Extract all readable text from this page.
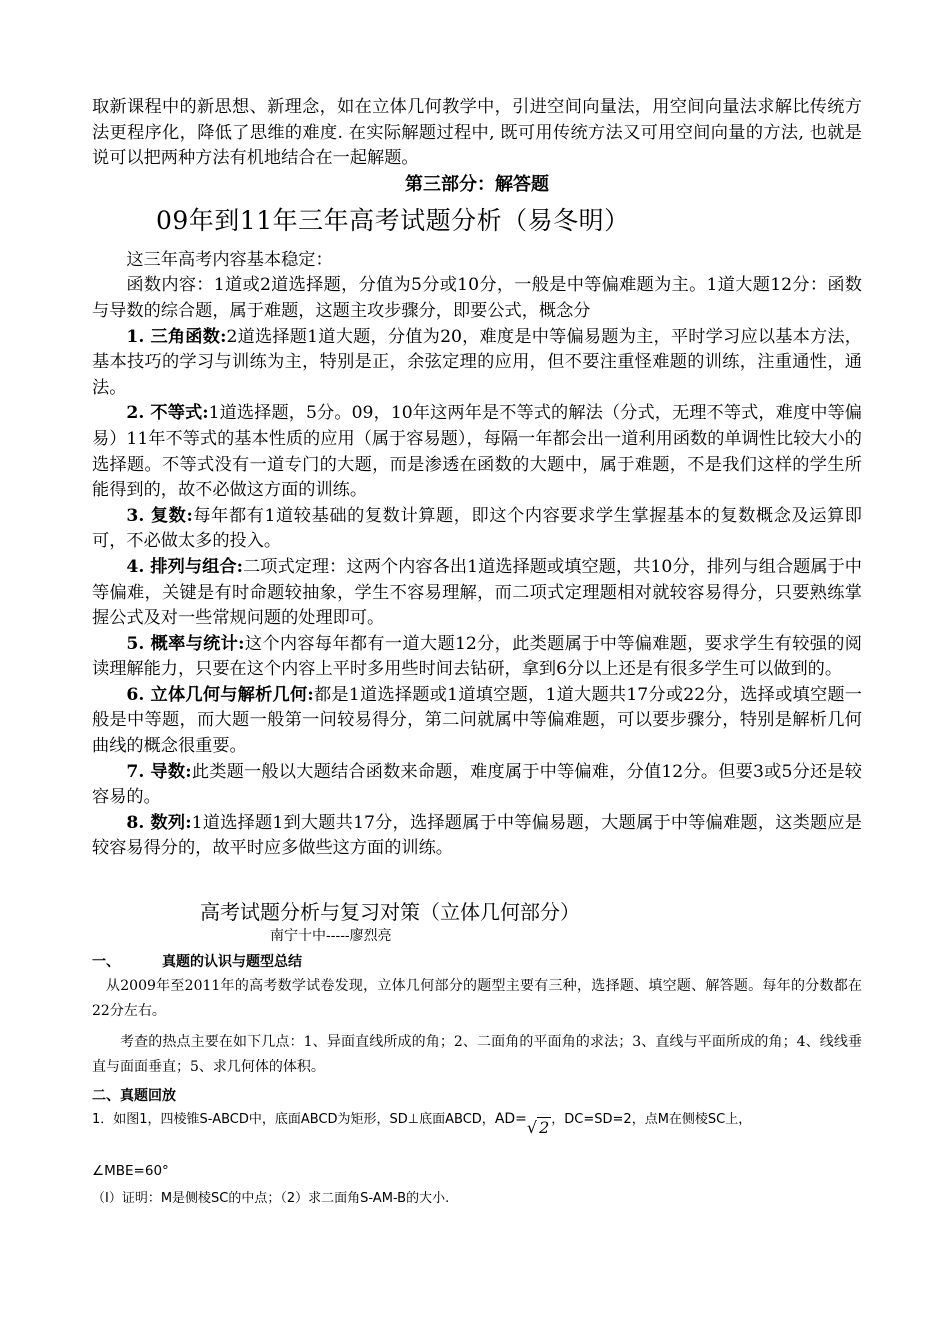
取新课程中的新思想、新理念，如在立体几何教学中，引进空间向量法，用空间向量法求解比传统方法更程序化，降低了思维的难度. 在实际解题过程中, 既可用传统方法又可用空间向量的方法, 也就是说可以把两种方法有机地结合在一起解题。

第三部分：解答题

09年到11年三年高考试题分析（易冬明）

这三年高考内容基本稳定：

函数内容：1道或2道选择题，分值为5分或10分，一般是中等偏难题为主。1道大题12分：函数与导数的综合题，属于难题，这题主攻步骤分，即要公式，概念分

1. 三角函数:2道选择题1道大题，分值为20，难度是中等偏易题为主，平时学习应以基本方法，基本技巧的学习与训练为主，特别是正，余弦定理的应用，但不要注重怪难题的训练，注重通性，通法。

2. 不等式:1道选择题，5分。09，10年这两年是不等式的解法（分式，无理不等式，难度中等偏易）11年不等式的基本性质的应用（属于容易题），每隔一年都会出一道利用函数的单调性比较大小的选择题。不等式没有一道专门的大题，而是渗透在函数的大题中，属于难题，不是我们这样的学生所能得到的，故不必做这方面的训练。

3. 复数:每年都有1道较基础的复数计算题，即这个内容要求学生掌握基本的复数概念及运算即可，不必做太多的投入。

4. 排列与组合:二项式定理：这两个内容各出1道选择题或填空题，共10分，排列与组合题属于中等偏难，关键是有时命题较抽象，学生不容易理解，而二项式定理题相对就较容易得分，只要熟练掌握公式及对一些常规问题的处理即可。

5. 概率与统计:这个内容每年都有一道大题12分，此类题属于中等偏难题，要求学生有较强的阅读理解能力，只要在这个内容上平时多用些时间去钻研，拿到6分以上还是有很多学生可以做到的。

6. 立体几何与解析几何:都是1道选择题或1道填空题，1道大题共17分或22分，选择或填空题一般是中等题，而大题一般第一问较易得分，第二问就属中等偏难题，可以要步骤分，特别是解析几何曲线的概念很重要。

7. 导数:此类题一般以大题结合函数来命题，难度属于中等偏难，分值12分。但要3或5分还是较容易的。

8. 数列:1道选择题1到大题共17分，选择题属于中等偏易题，大题属于中等偏难题，这类题应是较容易得分的，故平时应多做些这方面的训练。

高考试题分析与复习对策（立体几何部分）

南宁十中-----廖烈亮

一、	真题的认识与题型总结

从2009年至2011年的高考数学试卷发现，立体几何部分的题型主要有三种，选择题、填空题、解答题。每年的分数都在22分左右。

考查的热点主要在如下几点：1、异面直线所成的角；2、二面角的平面角的求法；3、直线与平面所成的角；4、线线垂直与面面垂直；5、求几何体的体积。

二、真题回放

1．如图1，四棱锥S-ABCD中，底面ABCD为矩形，SD⊥底面ABCD，AD=√ 2 ，DC=SD=2，点M在侧棱SC上，

∠MBE=60°

（I）证明：M是侧棱SC的中点；（2）求二面角S-AM-B的大小.
